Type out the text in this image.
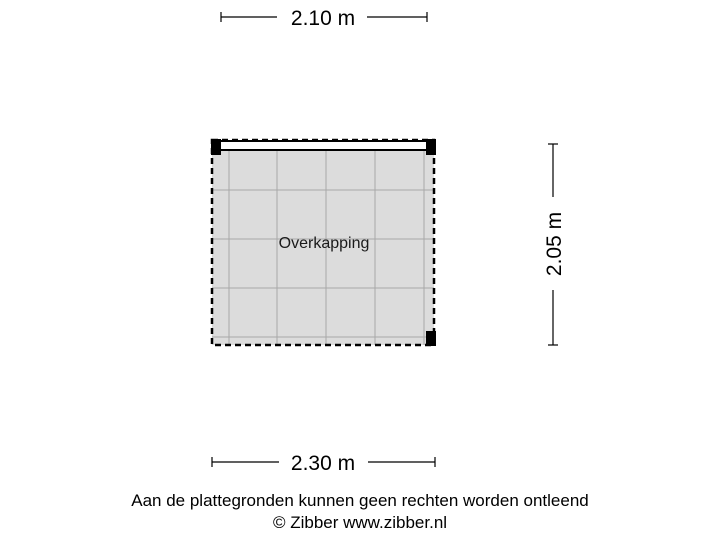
2.10 m
Overkapping	2.05 m
2.30 m
Aan de plattegronden kunnen geen rechten worden ontleend
© Zibber www.zibber.nl
